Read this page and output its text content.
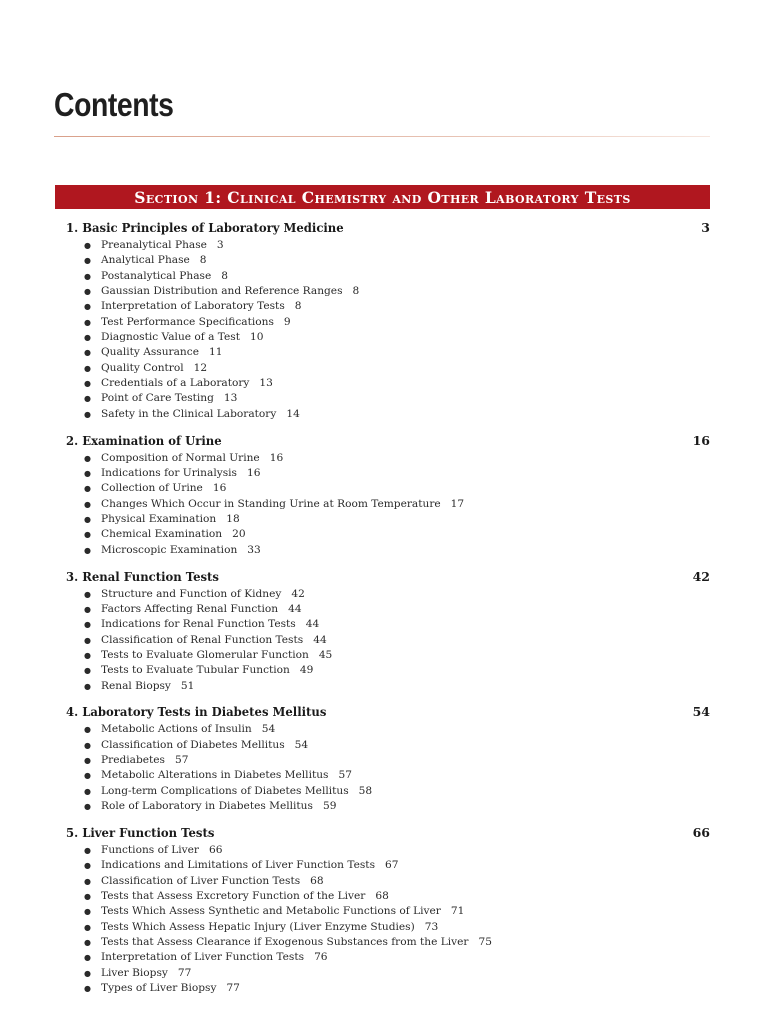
Contents
Section 1: Clinical Chemistry and Other Laboratory Tests
1. Basic Principles of Laboratory Medicine	3
● Preanalytical Phase 3
● Analytical Phase 8
● Postanalytical Phase 8
● Gaussian Distribution and Reference Ranges 8
● Interpretation of Laboratory Tests 8
● Test Performance Specifications 9
● Diagnostic Value of a Test 10
● Quality Assurance 11
● Quality Control 12
● Credentials of a Laboratory 13
● Point of Care Testing 13
● Safety in the Clinical Laboratory 14
2. Examination of Urine	16
● Composition of Normal Urine 16
● Indications for Urinalysis 16
● Collection of Urine 16
● Changes Which Occur in Standing Urine at Room Temperature 17
● Physical Examination 18
● Chemical Examination 20
● Microscopic Examination 33
3. Renal Function Tests	42
● Structure and Function of Kidney 42
● Factors Affecting Renal Function 44
● Indications for Renal Function Tests 44
● Classification of Renal Function Tests 44
● Tests to Evaluate Glomerular Function 45
● Tests to Evaluate Tubular Function 49
● Renal Biopsy 51
4. Laboratory Tests in Diabetes Mellitus	54
● Metabolic Actions of Insulin 54
● Classification of Diabetes Mellitus 54
● Prediabetes 57
● Metabolic Alterations in Diabetes Mellitus 57
● Long-term Complications of Diabetes Mellitus 58
● Role of Laboratory in Diabetes Mellitus 59
5. Liver Function Tests	66
● Functions of Liver 66
● Indications and Limitations of Liver Function Tests 67
● Classification of Liver Function Tests 68
● Tests that Assess Excretory Function of the Liver 68
● Tests Which Assess Synthetic and Metabolic Functions of Liver 71
● Tests Which Assess Hepatic Injury (Liver Enzyme Studies) 73
● Tests that Assess Clearance if Exogenous Substances from the Liver 75
● Interpretation of Liver Function Tests 76
● Liver Biopsy 77
● Types of Liver Biopsy 77
